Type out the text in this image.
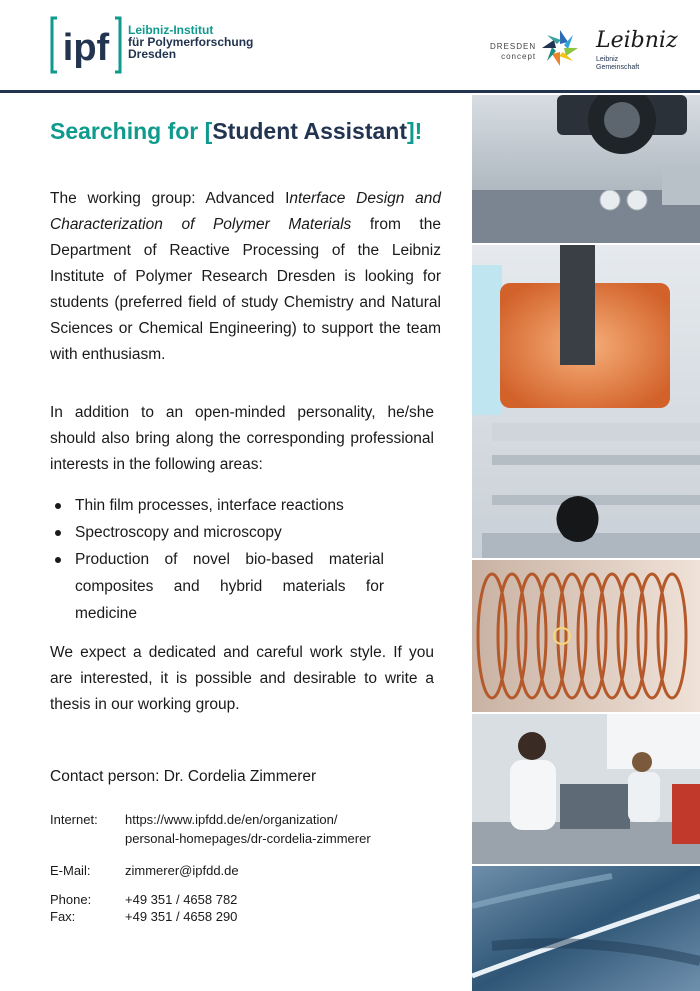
ipf Leibniz-Institut
für Polymerforschung
Dresden
DRESDEN
concept
Leibniz
Leibniz
Gemeinschaft
Searching for [Student Assistant]!
The working group: Advanced Interface Design and Characterization of Polymer Materials from the Department of Reactive Processing of the Leibniz Institute of Polymer Research Dresden is looking for students (preferred field of study Chemistry and Natural Sciences or Chemical Engineering) to support the team with enthusiasm.
In addition to an open-minded personality, he/she should also bring along the corresponding professional interests in the following areas:
Thin film processes, interface reactions
Spectroscopy and microscopy
Production of novel bio-based material composites and hybrid materials for medicine
We expect a dedicated and careful work style. If you are interested, it is possible and desirable to write a thesis in our working group.
Contact person: Dr. Cordelia Zimmerer
Internet:	https://www.ipfdd.de/en/organization/
personal-homepages/dr-cordelia-zimmerer
E-Mail:	zimmerer@ipfdd.de
Phone:	+49 351 / 4658 782
Fax:	+49 351 / 4658 290
